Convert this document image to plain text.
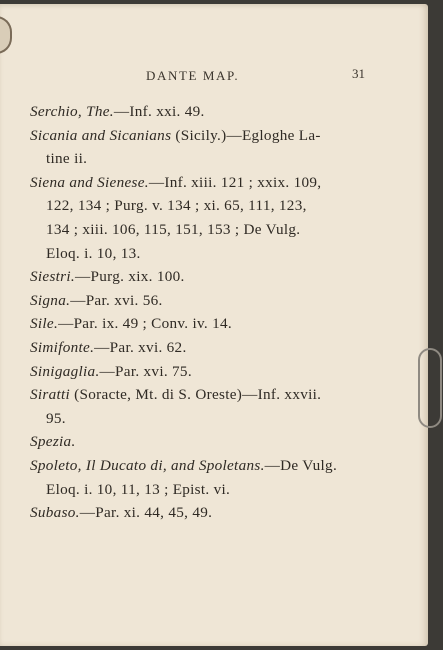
DANTE MAP.	31
Serchio, The.—Inf. xxi. 49.
Sicania and Sicanians (Sicily.)—Egloghe La-
tine ii.
Siena and Sienese.—Inf. xiii. 121 ; xxix. 109,
122, 134 ; Purg. v. 134 ; xi. 65, 111, 123,
134 ; xiii. 106, 115, 151, 153 ; De Vulg.
Eloq. i. 10, 13.
Siestri.—Purg. xix. 100.
Signa.—Par. xvi. 56.
Sile.—Par. ix. 49 ; Conv. iv. 14.
Simifonte.—Par. xvi. 62.
Sinigaglia.—Par. xvi. 75.
Siratti (Soracte, Mt. di S. Oreste)—Inf. xxvii.
95.
Spezia.
Spoleto, Il Ducato di, and Spoletans.—De Vulg.
Eloq. i. 10, 11, 13 ; Epist. vi.
Subaso.—Par. xi. 44, 45, 49.
